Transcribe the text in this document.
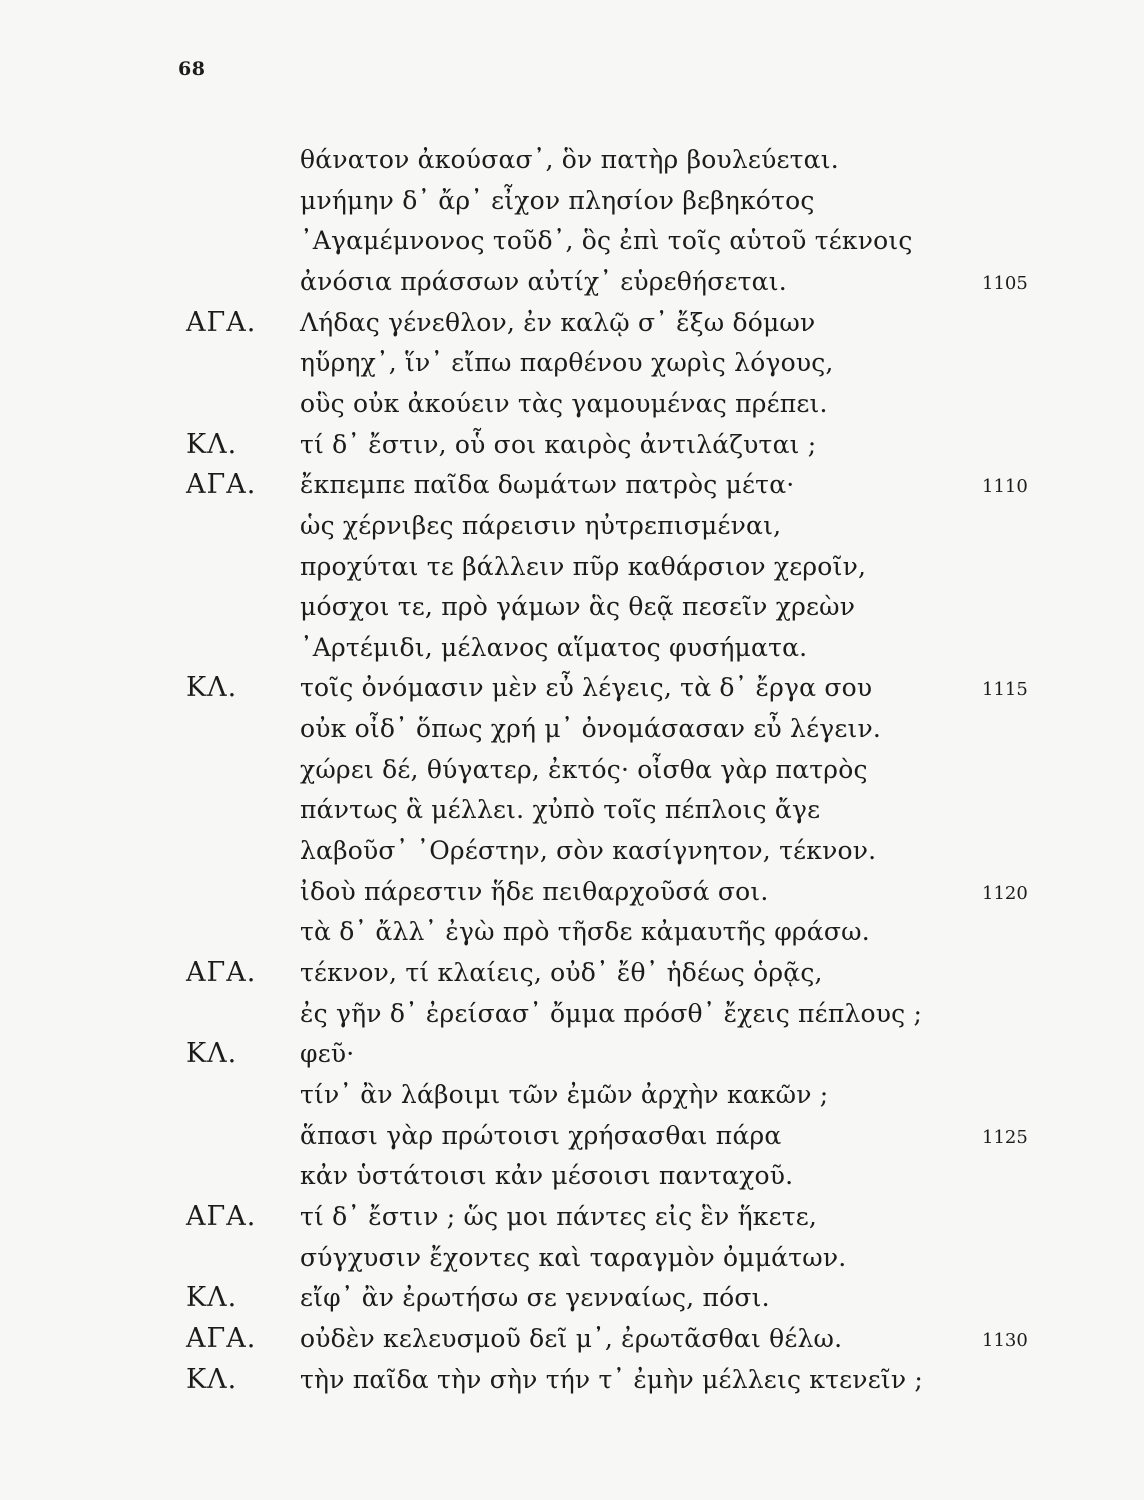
68
θάνατον ἀκούσασ᾽, ὃν πατὴρ βουλεύεται.
μνήμην δ᾽ ἄρ᾽ εἶχον πλησίον βεβηκότος
᾽Αγαμέμνονος τοῦδ᾽, ὃς ἐπὶ τοῖς αὑτοῦ τέκνοις
ἀνόσια πράσσων αὐτίχ᾽ εὑρεθήσεται.	1105
ΑΓΑ. Λήδας γένεθλον, ἐν καλῷ σ᾽ ἔξω δόμων
ηὕρηχ᾽, ἵν᾽ εἴπω παρθένου χωρὶς λόγους,
οὓς οὐκ ἀκούειν τὰς γαμουμένας πρέπει.
ΚΛ.	τί δ᾽ ἔστιν, οὗ σοι καιρὸς ἀντιλάζυται ;
ΑΓΑ. ἔκπεμπε παῖδα δωμάτων πατρὸς μέτα·	1110
ὡς χέρνιβες πάρεισιν ηὐτρεπισμέναι,
προχύται τε βάλλειν πῦρ καθάρσιον χεροῖν,
μόσχοι τε, πρὸ γάμων ἃς θεᾷ πεσεῖν χρεὼν
᾽Αρτέμιδι, μέλανος αἵματος φυσήματα.
ΚΛ.	τοῖς ὀνόμασιν μὲν εὖ λέγεις, τὰ δ᾽ ἔργα σου	1115
οὐκ οἶδ᾽ ὅπως χρή μ᾽ ὀνομάσασαν εὖ λέγειν.
χώρει δέ, θύγατερ, ἐκτός· οἶσθα γὰρ πατρὸς
πάντως ἃ μέλλει. χὐπὸ τοῖς πέπλοις ἄγε
λαβοῦσ᾽ ᾽Ορέστην, σὸν κασίγνητον, τέκνον.
ἰδοὺ πάρεστιν ἥδε πειθαρχοῦσά σοι.	1120
τὰ δ᾽ ἄλλ᾽ ἐγὼ πρὸ τῆσδε κἀμαυτῆς φράσω.
ΑΓΑ. τέκνον, τί κλαίεις, οὐδ᾽ ἔθ᾽ ἡδέως ὁρᾷς,
ἐς γῆν δ᾽ ἐρείσασ᾽ ὄμμα πρόσθ᾽ ἔχεις πέπλους ;
ΚΛ.	φεῦ·
τίν᾽ ἂν λάβοιμι τῶν ἐμῶν ἀρχὴν κακῶν ;
ἅπασι γὰρ πρώτοισι χρήσασθαι πάρα	1125
κἀν ὑστάτοισι κἀν μέσοισι πανταχοῦ.
ΑΓΑ. τί δ᾽ ἔστιν ; ὥς μοι πάντες εἰς ἓν ἥκετε,
σύγχυσιν ἔχοντες καὶ ταραγμὸν ὀμμάτων.
ΚΛ.	εἴφ᾽ ἂν ἐρωτήσω σε γενναίως, πόσι.
ΑΓΑ. οὐδὲν κελευσμοῦ δεῖ μ᾽, ἐρωτᾶσθαι θέλω.	1130
ΚΛ.	τὴν παῖδα τὴν σὴν τήν τ᾽ ἐμὴν μέλλεις κτενεῖν ;
